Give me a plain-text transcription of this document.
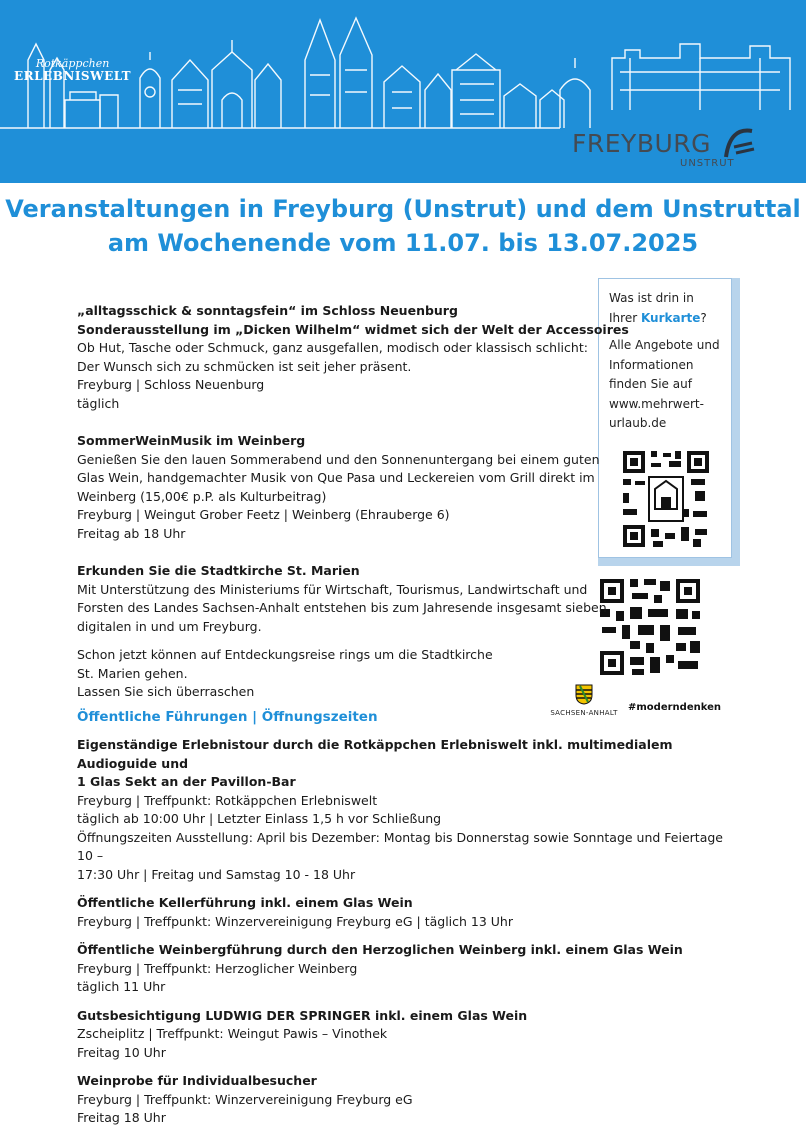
Rotkäppchen
ERLEBNISWELT
FREYBURG
UNSTRUT
Veranstaltungen in Freyburg (Unstrut) und dem Unstruttal
am Wochenende vom 11.07. bis 13.07.2025
Was ist drin in
Ihrer Kurkarte?
Alle Angebote und
Informationen
finden Sie auf
www.mehrwert-
urlaub.de
SACHSEN-ANHALT #moderndenken

„alltagsschick & sonntagsfein“ im Schloss Neuenburg

Sonderausstellung im „Dicken Wilhelm“ widmet sich der Welt der Accessoires

Ob Hut, Tasche oder Schmuck, ganz ausgefallen, modisch oder klassisch schlicht:

Der Wunsch sich zu schmücken ist seit jeher präsent.

Freyburg | Schloss Neuenburg

täglich

SommerWeinMusik im Weinberg

Genießen Sie den lauen Sommerabend und den Sonnenuntergang bei einem guten

Glas Wein, handgemachter Musik von Que Pasa und Leckereien vom Grill direkt im

Weinberg (15,00€ p.P. als Kulturbeitrag)

Freyburg | Weingut Grober Feetz | Weinberg (Ehrauberge 6)

Freitag ab 18 Uhr

Erkunden Sie die Stadtkirche St. Marien

Mit Unterstützung des Ministeriums für Wirtschaft, Tourismus, Landwirtschaft und

Forsten des Landes Sachsen-Anhalt entstehen bis zum Jahresende insgesamt sieben

digitalen in und um Freyburg.

Schon jetzt können auf Entdeckungsreise rings um die Stadtkirche

St. Marien gehen.

Lassen Sie sich überraschen

Öffentliche Führungen | Öffnungszeiten

Eigenständige Erlebnistour durch die Rotkäppchen Erlebniswelt inkl. multimedialem Audioguide und

1 Glas Sekt an der Pavillon-Bar

Freyburg | Treffpunkt: Rotkäppchen Erlebniswelt

täglich ab 10:00 Uhr | Letzter Einlass 1,5 h vor Schließung

Öffnungszeiten Ausstellung: April bis Dezember: Montag bis Donnerstag sowie Sonntage und Feiertage 10 –

17:30 Uhr | Freitag und Samstag 10 - 18 Uhr

Öffentliche Kellerführung inkl. einem Glas Wein

Freyburg | Treffpunkt: Winzervereinigung Freyburg eG | täglich 13 Uhr

Öffentliche Weinbergführung durch den Herzoglichen Weinberg inkl. einem Glas Wein

Freyburg | Treffpunkt: Herzoglicher Weinberg

täglich 11 Uhr

Gutsbesichtigung LUDWIG DER SPRINGER inkl. einem Glas Wein

Zscheiplitz | Treffpunkt: Weingut Pawis – Vinothek

Freitag 10 Uhr

Weinprobe für Individualbesucher

Freyburg | Treffpunkt: Winzervereinigung Freyburg eG

Freitag 18 Uhr
